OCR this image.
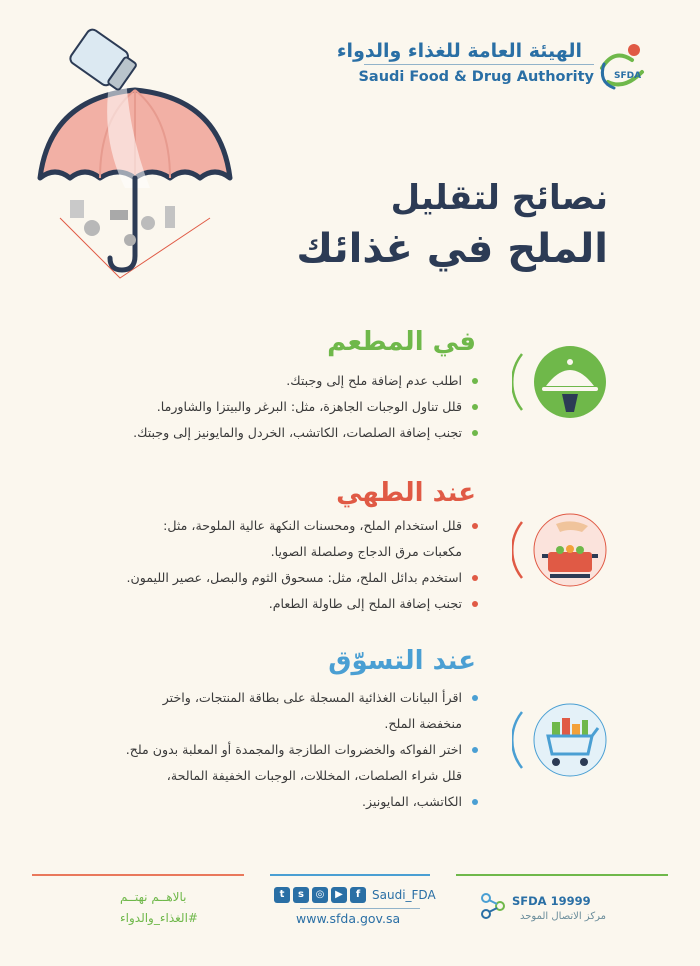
الهيئة العامة للغذاء والدواء
Saudi Food & Drug Authority SFDA
نصائح لتقليل
الملح في غذائك
في المطعم
اطلب عدم إضافة ملح إلى وجبتك.
قلل تناول الوجبات الجاهزة، مثل: البرغر والبيتزا والشاورما.
تجنب إضافة الصلصات، الكاتشب، الخردل والمايونيز إلى وجبتك.
عند الطهي
قلل استخدام الملح، ومحسنات النكهة عالية الملوحة، مثل:
مكعبات مرق الدجاج وصلصلة الصويا.
استخدم بدائل الملح، مثل: مسحوق الثوم والبصل، عصير الليمون.
تجنب إضافة الملح إلى طاولة الطعام.
عند التسوّق
اقرأ البيانات الغذائية المسجلة على بطاقة المنتجات، واختر
منخفضة الملح.
اختر الفواكه والخضروات الطازجة والمجمدة أو المعلبة بدون ملح.
قلل شراء الصلصات، المخللات، الوجبات الخفيفة المالحة،
الكاتشب، المايونيز.
بالاهــم نهتــم
#الغذاء_والدواء
t	s	◎	▶	f Saudi_FDA
www.sfda.gov.sa
SFDA 19999
مركز الاتصال الموحد
